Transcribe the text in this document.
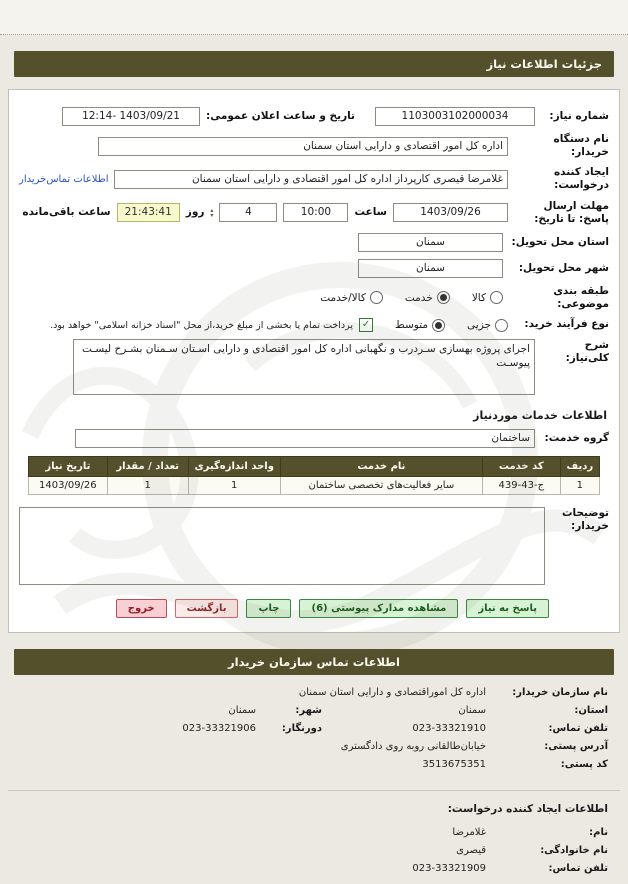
جزئیات اطلاعات نیاز
شماره نیاز:
1103003102000034
تاریخ و ساعت اعلان عمومی:
1403/09/21 -12:14
نام دستگاه خریدار:
اداره کل امور اقتصادی و دارایی استان سمنان
ایجاد کننده درخواست:
غلامرضا قیصری کارپرداز اداره کل امور اقتصادی و دارایی استان سمنان
اطلاعات تماس‌خریدار
مهلت ارسال پاسخ: تا تاریخ:
1403/09/26
ساعت
10:00
4
▴
▾
روز
21:43:41
ساعت باقی‌مانده
استان محل تحویل:
سمنان
شهر محل تحویل:
سمنان
طبقه بندی موضوعی:
کالا
خدمت
کالا/خدمت
نوع فرآیند خرید:
جزیی
متوسط
✓
پرداخت تمام یا بخشی از مبلغ خرید،از محل "اسناد خزانه اسلامی" خواهد بود.
شرح کلی‌نیاز:
اجرای پروژه بهسازی سـردرب و نگهبانی اداره کل امور اقتصادی و دارایی اسـتان سـمنان بشـرح لیسـت پیوسـت
اطلاعات خدمات موردنیاز
گروه خدمت:
ساختمان
ردیف	کد خدمت	نام خدمت	واحد اندازه‌گیری	تعداد / مقدار	تاریخ نیاز
1	ج-43-439	سایر فعالیت‌های تخصصی ساختمان	1	1	1403/09/26
توضیحات خریدار:
پاسخ به نیاز
مشاهده مدارک پیوستی (6)
چاپ
بازگشت
خروج
اطلاعات تماس سازمان خریدار
نام سازمان خریدار:
اداره کل اموراقتصادی و دارایی استان سمنان
استان:
سمنان
شهر:
سمنان
تلفن تماس:
023-33321910
دورنگار:
023-33321906
آدرس پستی:
خیابان‌طالقانی روبه روی دادگستری
کد پستی:
3513675351
اطلاعات ایجاد کننده درخواست:
نام:
غلامرضا
نام خانوادگی:
قیصری
تلفن تماس:
023-33321909
